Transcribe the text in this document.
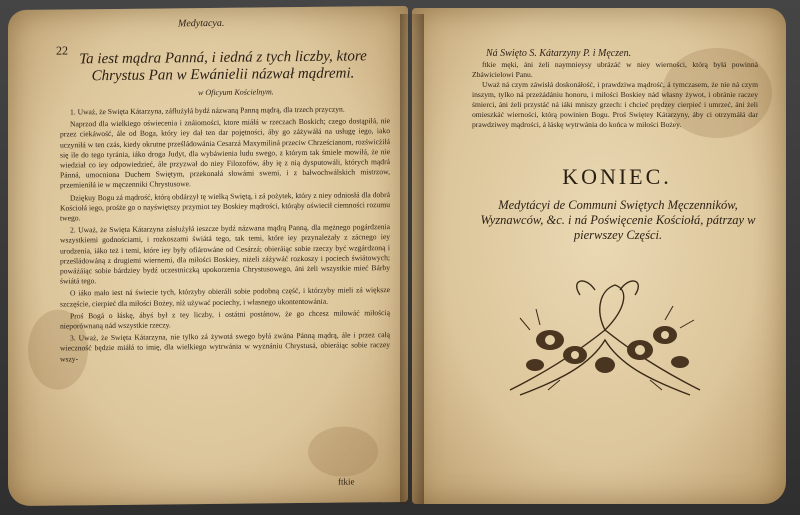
Medytacya.
22 Ta iest mądra Panná, i iedná z tych liczby, ktore Chrystus Pan w Ewánielii názwał mądremi.
w Oficyum Kościelnym.

1. Uważ, że Swięta Kátarzyna, záfłużyłá bydź názwaną Panną mądrą, dla trzech przyczyn.

Naprzod dla wielkiego oświecenia i znáiomości, ktore miáłá w rzeczach Boskich; czego dostąpiłá, nie przez ciekáwość, ále od Boga, który iey dał ten dar pojętności, áby go záżywáłá na usługę iego, iako uczyniłá w ten czás, kiedy okrutne prześládowánia Cesarzá Maxymiliná przeciw Chrześcianom, rozświcżiłá się ile do tego tyránia, iáko droga Judyt, dla wybáwienia ludu swego, z którym tak śmiele mowiłá, że nie wiedział co iey odpowiedzieć, ále przyzwał do niey Filozofów, áby ię z nią dysputowáli, których mądrá Pánná, umocniona Duchem Swiętym, przekonałá słowámi swemi, i z bałwochwálskich mistrzow, przemieniłá ie w męczenniki Chrystusowe.

Dziękuy Bogu zá mądrość, którą obdárzył tę wielką Swiętą, i zá pożytek, który z niey odniosłá dla dobrá Kościołá iego, prośże go o nayświętszy przymiot tey Boskiey mądrości, którąby oświecił ciemności rozumu twego.

2. Uważ, że Swięta Kátarzyna zásłużyłá ieszcze bydź názwana mądrą Panną, dla mężnego pogárdzenia wszystkiemi godnościami, i rozkoszami świátá tego, tak temi, które iey przynależały z zácnego iey urodzenia, iáko też i temi, które iey były ofiárowáne od Cesárzá; obieráiąc sobie rzeczy być wzgárdzoną i prześládowáną z drugiemi wiernemi, dla miłości Boskiey, niżeli záżywáć rozkoszy i pociech świátowych; powáżáiąc sobie bárdziey bydź uczestniczką upokorzenia Chrystusowego, áni żeli wszystkie mieć Bárby świátá tego.

O iáko mało iest ná świecie tych, którzyby obieráli sobie podobną część, i którzyby mieli zá większe szczęście, cierpieć dla miłości Bożey, niż używać pociechy, i własnego ukontentowánia.

Proś Bogá o łáskę, ábyś był z tey liczby, i ostátni postánow, że go chcesz miłowáć miłością nieporównaną nád wszystkie rzeczy.

3. Uważ, że Swięta Kátarzyna, nie tylko zá żywotá swego byłá zwána Pánną mądrą, ále i przez całą wieczność będzie miáłá to imię, dla wielkiego wytrwánia w wyznániu Chrystusá, obieráiąc sobie raczey wszy-

ftkie
Ná Swięto S. Kátarzyny P. i Męczen.

ftkie męki, áni żeli naymnieysy ubrázáć w niey wierności, którą byłá powinná Zbáwicielowi Panu.

Uważ ná czym záwisłá doskonáłość, i prawdziwa mądrość, á tymczasem, że nie ná czym inszym, tylko ná przeżádániu honoru, i miłości Boskiey nád własny żywot, i obránie raczey śmierci, áni żeli przystáć ná iáki mniszy grzech: i chcieć prędzey cierpieć i umrzeć, áni żeli omieszkáć wierności, którą powinien Bogu. Proś Swiętey Kátarzyny, áby ci otrzymáłá dar prawdziwey mądrości, á łáskę wytrwánia do końca w miłości Bożey.

KONIEC.
Medytácyi de Communi Swiętych Męczenników, Wyznawców, &c. i ná Poświęcenie Kościołá, pátrzay w pierwszey Części.
